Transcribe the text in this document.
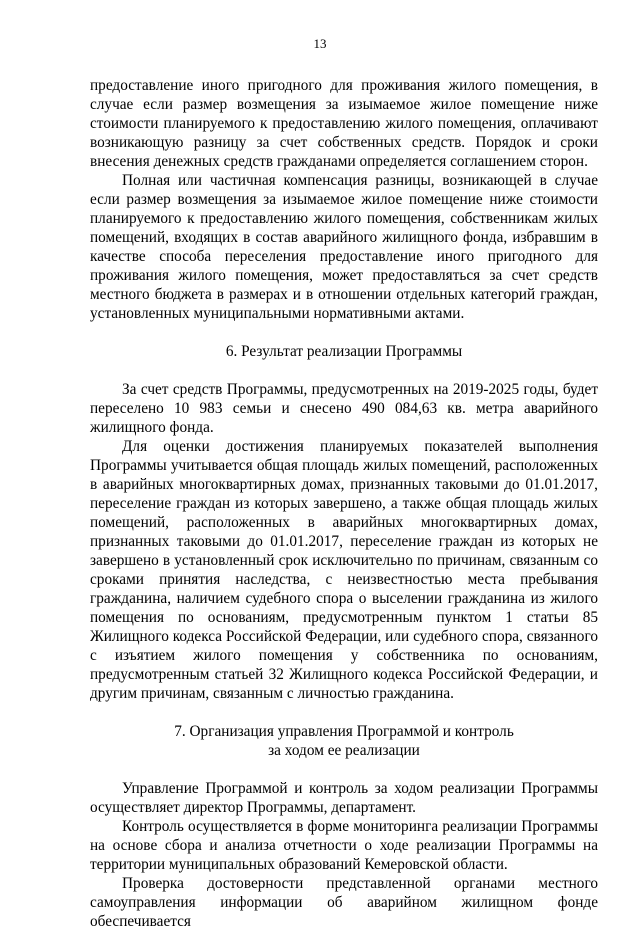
13

предоставление иного пригодного для проживания жилого помещения, в случае если размер возмещения за изымаемое жилое помещение ниже стоимости планируемого к предоставлению жилого помещения, оплачивают возникающую разницу за счет собственных средств. Порядок и сроки внесения денежных средств гражданами определяется соглашением сторон.

Полная или частичная компенсация разницы, возникающей в случае если размер возмещения за изымаемое жилое помещение ниже стоимости планируемого к предоставлению жилого помещения, собственникам жилых помещений, входящих в состав аварийного жилищного фонда, избравшим в качестве способа переселения предоставление иного пригодного для проживания жилого помещения, может предоставляться за счет средств местного бюджета в размерах и в отношении отдельных категорий граждан, установленных муниципальными нормативными актами.

6. Результат реализации Программы

За счет средств Программы, предусмотренных на 2019-2025 годы, будет переселено 10 983 семьи и снесено 490 084,63 кв. метра аварийного жилищного фонда.

Для оценки достижения планируемых показателей выполнения Программы учитывается общая площадь жилых помещений, расположенных в аварийных многоквартирных домах, признанных таковыми до 01.01.2017, переселение граждан из которых завершено, а также общая площадь жилых помещений, расположенных в аварийных многоквартирных домах, признанных таковыми до 01.01.2017, переселение граждан из которых не завершено в установленный срок исключительно по причинам, связанным со сроками принятия наследства, с неизвестностью места пребывания гражданина, наличием судебного спора о выселении гражданина из жилого помещения по основаниям, предусмотренным пунктом 1 статьи 85 Жилищного кодекса Российской Федерации, или судебного спора, связанного с изъятием жилого помещения у собственника по основаниям, предусмотренным статьей 32 Жилищного кодекса Российской Федерации, и другим причинам, связанным с личностью гражданина.

7. Организация управления Программой и контроль

за ходом ее реализации

Управление Программой и контроль за ходом реализации Программы осуществляет директор Программы, департамент.

Контроль осуществляется в форме мониторинга реализации Программы на основе сбора и анализа отчетности о ходе реализации Программы на территории муниципальных образований Кемеровской области.

Проверка достоверности представленной органами местного самоуправления информации об аварийном жилищном фонде обеспечивается
